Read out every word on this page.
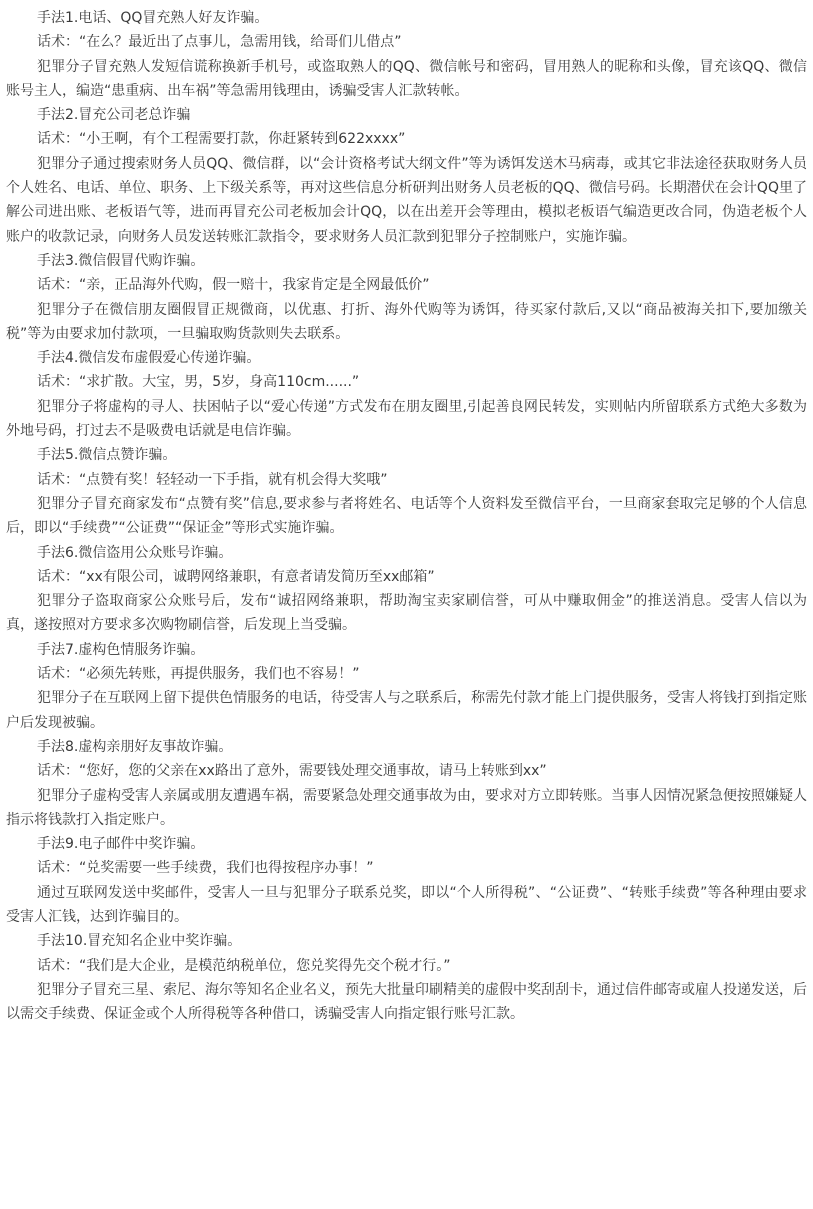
手法1.电话、QQ冒充熟人好友诈骗。

话术：“在么？最近出了点事儿，急需用钱，给哥们儿借点”

犯罪分子冒充熟人发短信谎称换新手机号，或盗取熟人的QQ、微信帐号和密码，冒用熟人的昵称和头像，冒充该QQ、微信账号主人，编造“患重病、出车祸”等急需用钱理由，诱骗受害人汇款转帐。

手法2.冒充公司老总诈骗

话术：“小王啊，有个工程需要打款，你赶紧转到622xxxx”

犯罪分子通过搜索财务人员QQ、微信群，以“会计资格考试大纲文件”等为诱饵发送木马病毒，或其它非法途径获取财务人员个人姓名、电话、单位、职务、上下级关系等，再对这些信息分析研判出财务人员老板的QQ、微信号码。长期潜伏在会计QQ里了解公司进出账、老板语气等，进而再冒充公司老板加会计QQ，以在出差开会等理由，模拟老板语气编造更改合同，伪造老板个人账户的收款记录，向财务人员发送转账汇款指令，要求财务人员汇款到犯罪分子控制账户，实施诈骗。

手法3.微信假冒代购诈骗。

话术：“亲，正品海外代购，假一赔十，我家肯定是全网最低价”

犯罪分子在微信朋友圈假冒正规微商，以优惠、打折、海外代购等为诱饵，待买家付款后,又以“商品被海关扣下,要加缴关税”等为由要求加付款项，一旦骗取购货款则失去联系。

手法4.微信发布虚假爱心传递诈骗。

话术：“求扩散。大宝，男，5岁，身高110cm......”

犯罪分子将虚构的寻人、扶困帖子以“爱心传递”方式发布在朋友圈里,引起善良网民转发，实则帖内所留联系方式绝大多数为外地号码，打过去不是吸费电话就是电信诈骗。

手法5.微信点赞诈骗。

话术：“点赞有奖！轻轻动一下手指，就有机会得大奖哦”

犯罪分子冒充商家发布“点赞有奖”信息,要求参与者将姓名、电话等个人资料发至微信平台，一旦商家套取完足够的个人信息后，即以“手续费”“公证费”“保证金”等形式实施诈骗。

手法6.微信盗用公众账号诈骗。

话术：“xx有限公司，诚聘网络兼职，有意者请发简历至xx邮箱”

犯罪分子盗取商家公众账号后，发布“诚招网络兼职，帮助淘宝卖家刷信誉，可从中赚取佣金”的推送消息。受害人信以为真，遂按照对方要求多次购物刷信誉，后发现上当受骗。

手法7.虚构色情服务诈骗。

话术：“必须先转账，再提供服务，我们也不容易！”

犯罪分子在互联网上留下提供色情服务的电话，待受害人与之联系后，称需先付款才能上门提供服务，受害人将钱打到指定账户后发现被骗。

手法8.虚构亲朋好友事故诈骗。

话术：“您好，您的父亲在xx路出了意外，需要钱处理交通事故，请马上转账到xx”

犯罪分子虚构受害人亲属或朋友遭遇车祸，需要紧急处理交通事故为由，要求对方立即转账。当事人因情况紧急便按照嫌疑人指示将钱款打入指定账户。

手法9.电子邮件中奖诈骗。

话术：“兑奖需要一些手续费，我们也得按程序办事！”

通过互联网发送中奖邮件，受害人一旦与犯罪分子联系兑奖，即以“个人所得税”、“公证费”、“转账手续费”等各种理由要求受害人汇钱，达到诈骗目的。

手法10.冒充知名企业中奖诈骗。

话术：“我们是大企业，是模范纳税单位，您兑奖得先交个税才行。”

犯罪分子冒充三星、索尼、海尔等知名企业名义，预先大批量印刷精美的虚假中奖刮刮卡，通过信件邮寄或雇人投递发送，后以需交手续费、保证金或个人所得税等各种借口，诱骗受害人向指定银行账号汇款。
